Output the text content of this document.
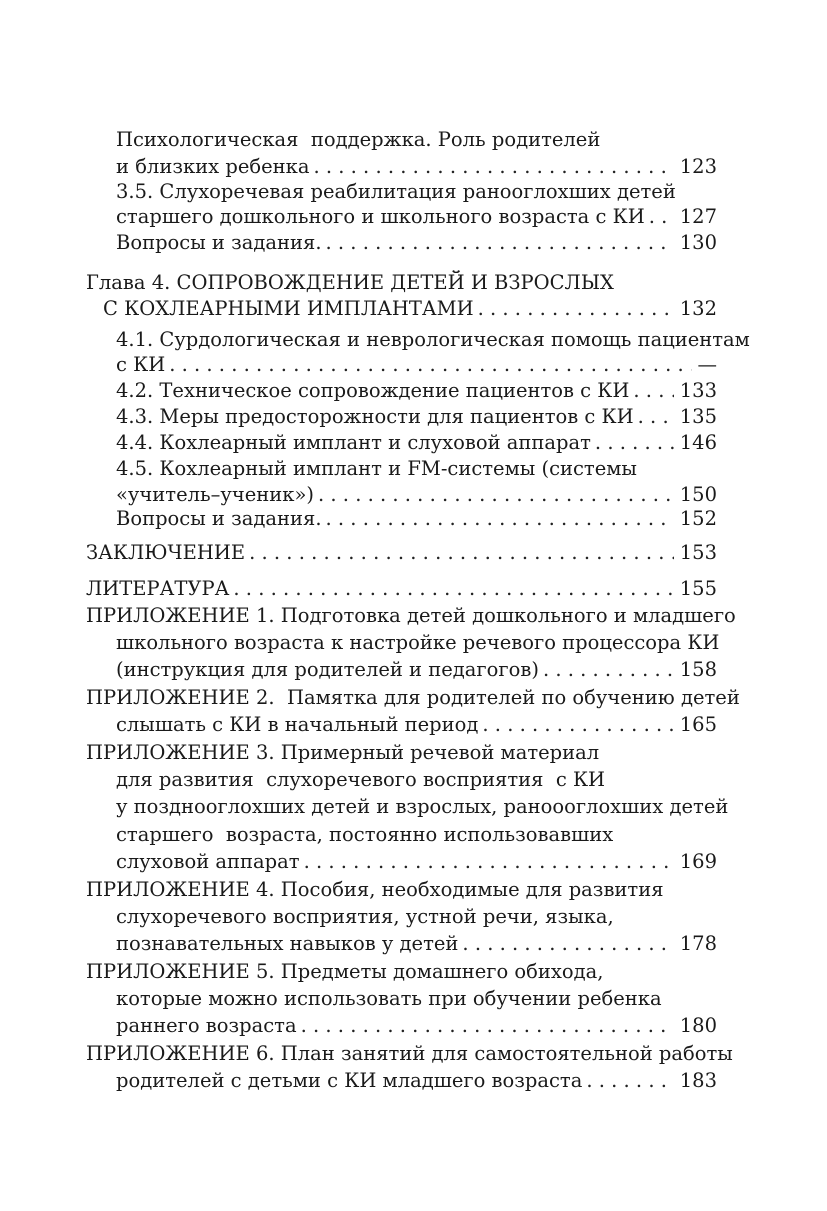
Психологическая  поддержка. Роль родителей
и близких ребенка . . .	123
3.5. Слухоречевая реабилитация ранооглохших детей
старшего дошкольного и школьного возраста с КИ . . . 127
Вопросы и задания. . . .	130
Глава 4. СОПРОВОЖДЕНИЕ ДЕТЕЙ И ВЗРОСЛЫХ
С КОХЛЕАРНЫМИ ИМПЛАНТАМИ . . .	132
4.1. Сурдологическая и неврологическая помощь пациентам
с КИ . . .	—
4.2. Техническое сопровождение пациентов с КИ . . .	133
4.3. Меры предосторожности для пациентов с КИ . . . 135
4.4. Кохлеарный имплант и слуховой аппарат . . .	146
4.5. Кохлеарный имплант и FM-системы (системы
«учитель–ученик») . . .	150
Вопросы и задания. . . .	152
ЗАКЛЮЧЕНИЕ . . .	153
ЛИТЕРАТУРА . . .	155
ПРИЛОЖЕНИЕ 1. Подготовка детей дошкольного и младшего
школьного возраста к настройке речевого процессора КИ
(инструкция для родителей и педагогов) . . .	158
ПРИЛОЖЕНИЕ 2.  Памятка для родителей по обучению детей
слышать с КИ в начальный период . . .	165
ПРИЛОЖЕНИЕ 3. Примерный речевой материал
для развития  слухоречевого восприятия  с КИ
у позднооглохших детей и взрослых, раноооглохших детей
старшего  возраста, постоянно использовавших
слуховой аппарат . . .	169
ПРИЛОЖЕНИЕ 4. Пособия, необходимые для развития
слухоречевого восприятия, устной речи, языка,
познавательных навыков у детей . . .	178
ПРИЛОЖЕНИЕ 5. Предметы домашнего обихода,
которые можно использовать при обучении ребенка
раннего возраста . . .	180
ПРИЛОЖЕНИЕ 6. План занятий для самостоятельной работы
родителей с детьми с КИ младшего возраста . . .	183
